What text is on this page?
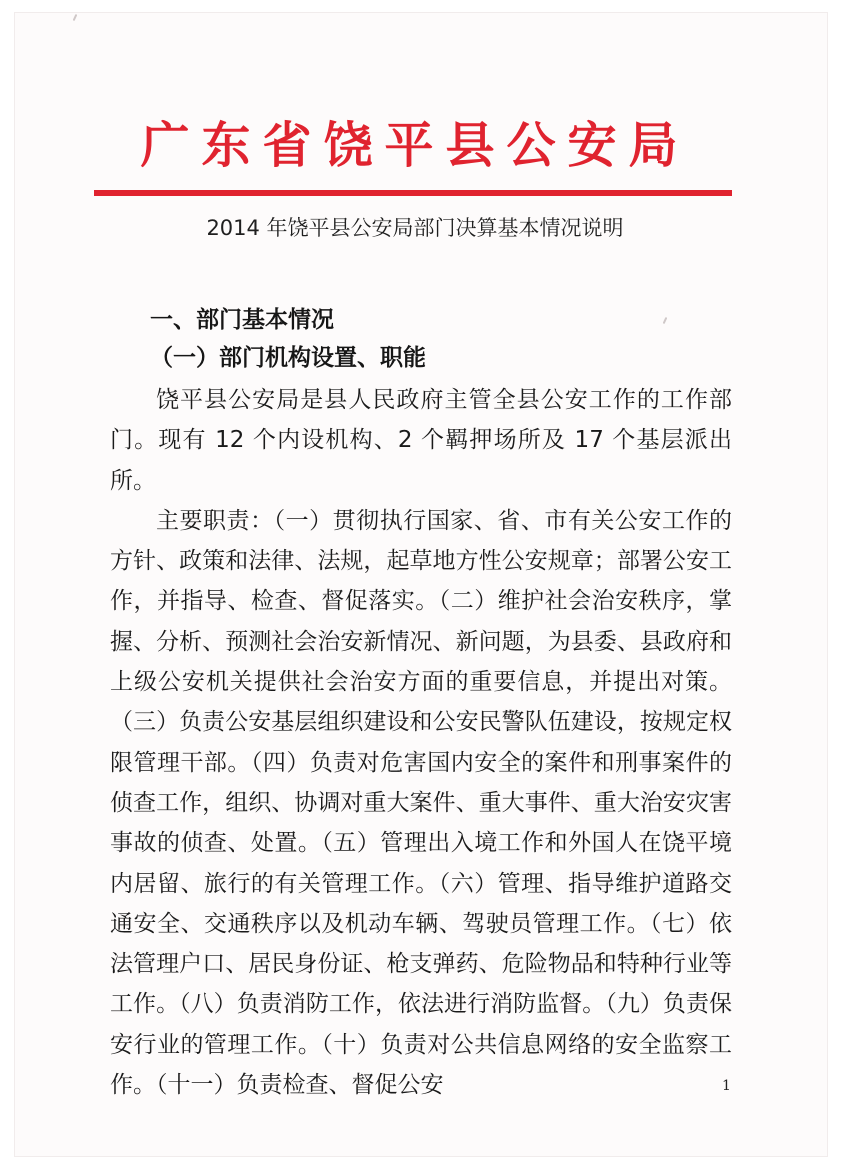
广东省饶平县公安局
2014 年饶平县公安局部门决算基本情况说明
一、部门基本情况
（一）部门机构设置、职能

饶平县公安局是县人民政府主管全县公安工作的工作部门。现有 12 个内设机构、2 个羁押场所及 17 个基层派出所。

主要职责：（一）贯彻执行国家、省、市有关公安工作的方针、政策和法律、法规，起草地方性公安规章；部署公安工作，并指导、检查、督促落实。（二）维护社会治安秩序，掌握、分析、预测社会治安新情况、新问题，为县委、县政府和上级公安机关提供社会治安方面的重要信息，并提出对策。（三）负责公安基层组织建设和公安民警队伍建设，按规定权限管理干部。（四）负责对危害国内安全的案件和刑事案件的侦查工作，组织、协调对重大案件、重大事件、重大治安灾害事故的侦查、处置。（五）管理出入境工作和外国人在饶平境内居留、旅行的有关管理工作。（六）管理、指导维护道路交通安全、交通秩序以及机动车辆、驾驶员管理工作。（七）依法管理户口、居民身份证、枪支弹药、危险物品和特种行业等工作。（八）负责消防工作，依法进行消防监督。（九）负责保安行业的管理工作。（十）负责对公共信息网络的安全监察工作。（十一）负责检查、督促公安	1
